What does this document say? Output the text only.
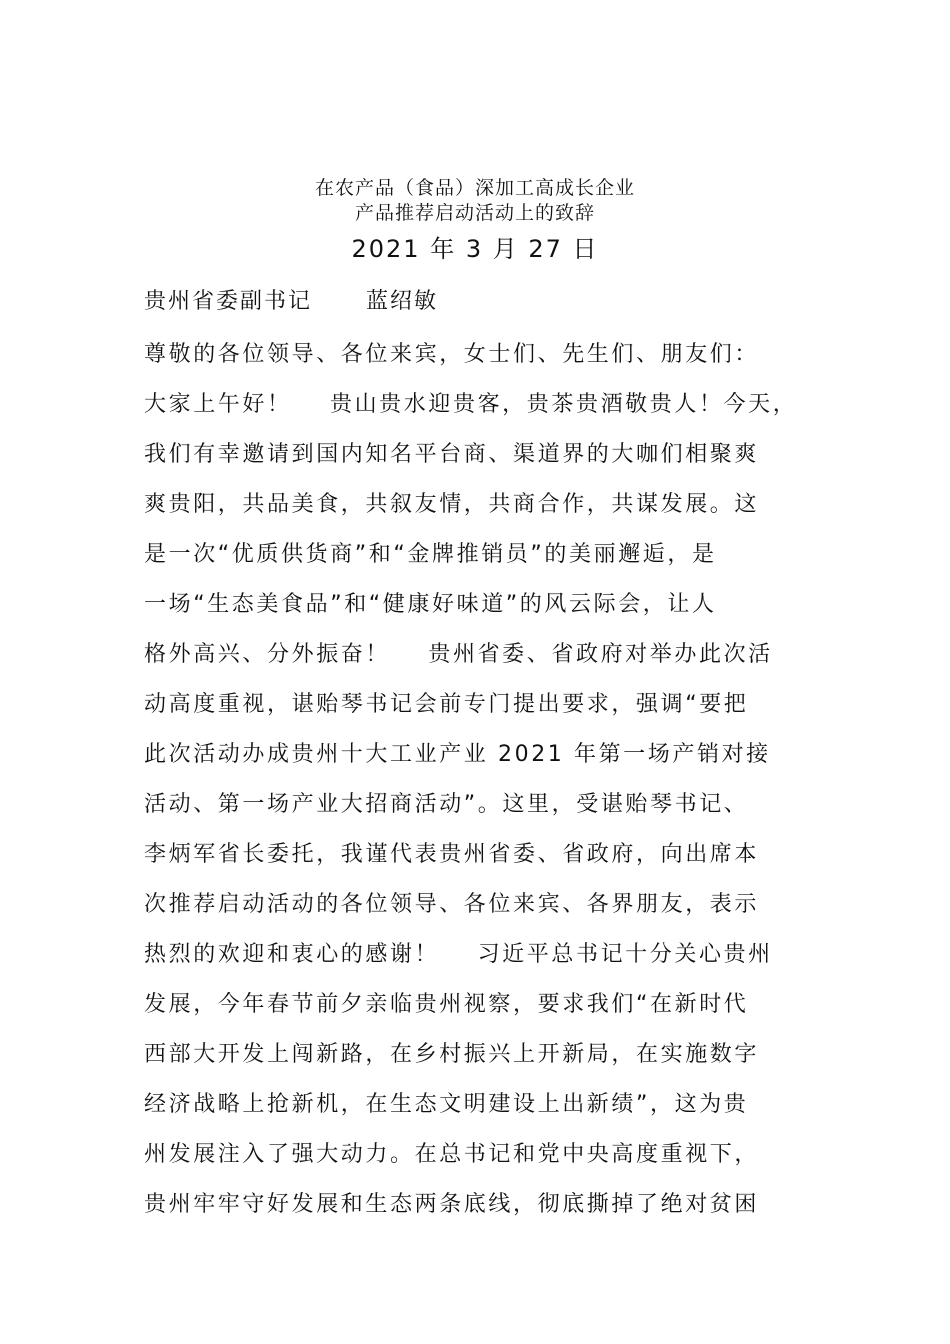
在农产品（食品）深加工高成长企业
产品推荐启动活动上的致辞
2021 年 3 月 27 日
贵州省委副书记      蓝绍敏
尊敬的各位领导、各位来宾，女士们、先生们、朋友们：
大家上午好！    贵山贵水迎贵客，贵茶贵酒敬贵人！今天，
我们有幸邀请到国内知名平台商、渠道界的大咖们相聚爽
爽贵阳，共品美食，共叙友情，共商合作，共谋发展。这
是一次“优质供货商”和“金牌推销员”的美丽邂逅，是
一场“生态美食品”和“健康好味道”的风云际会，让人
格外高兴、分外振奋！    贵州省委、省政府对举办此次活
动高度重视，谌贻琴书记会前专门提出要求，强调“要把
此次活动办成贵州十大工业产业 2021 年第一场产销对接
活动、第一场产业大招商活动”。这里，受谌贻琴书记、
李炳军省长委托，我谨代表贵州省委、省政府，向出席本
次推荐启动活动的各位领导、各位来宾、各界朋友，表示
热烈的欢迎和衷心的感谢！    习近平总书记十分关心贵州
发展，今年春节前夕亲临贵州视察，要求我们“在新时代
西部大开发上闯新路，在乡村振兴上开新局，在实施数字
经济战略上抢新机，在生态文明建设上出新绩”，这为贵
州发展注入了强大动力。在总书记和党中央高度重视下，
贵州牢牢守好发展和生态两条底线，彻底撕掉了绝对贫困
